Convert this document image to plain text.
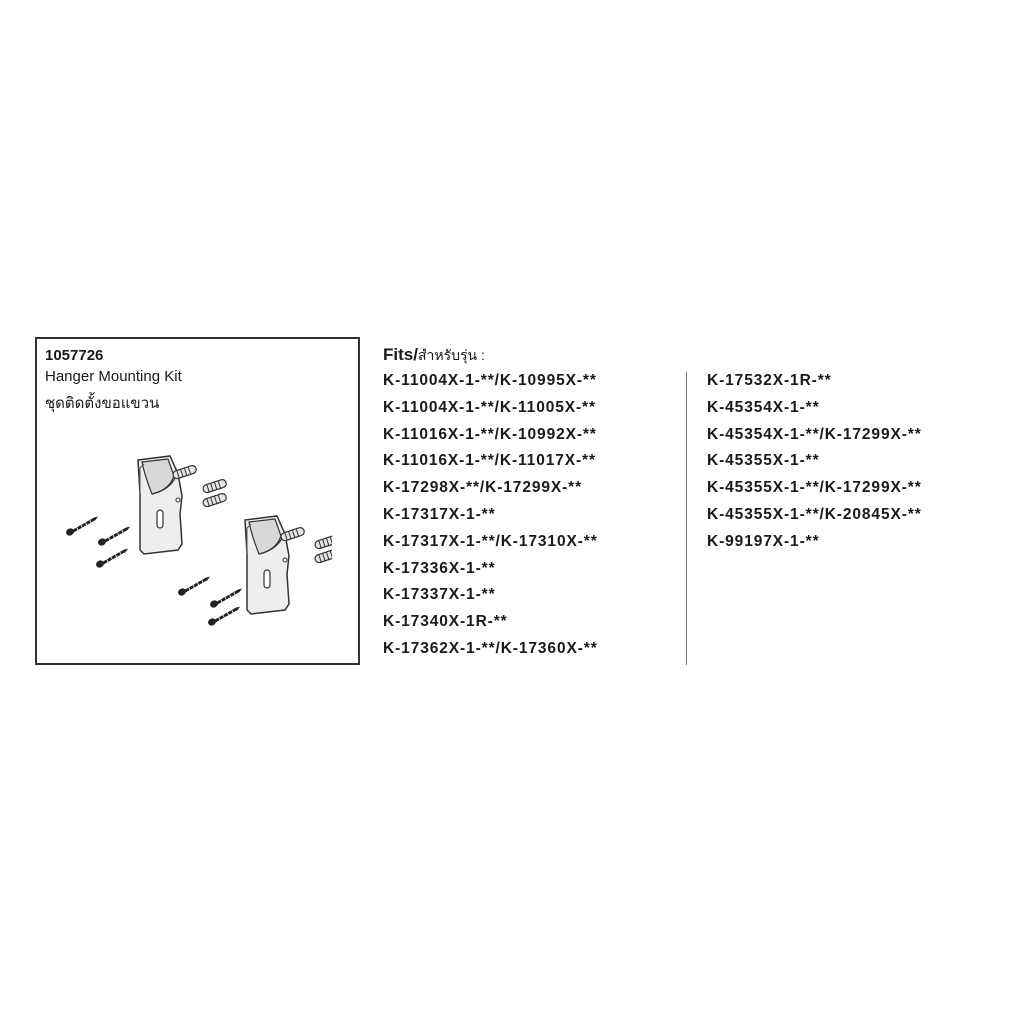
1057726
Hanger Mounting Kit
ชุดติดตั้งขอแขวน
Fits/สำหรับรุ่น :
K-11004X-1-**/K-10995X-**
K-11004X-1-**/K-11005X-**
K-11016X-1-**/K-10992X-**
K-11016X-1-**/K-11017X-**
K-17298X-**/K-17299X-**
K-17317X-1-**
K-17317X-1-**/K-17310X-**
K-17336X-1-**
K-17337X-1-**
K-17340X-1R-**
K-17362X-1-**/K-17360X-**
K-17532X-1R-**
K-45354X-1-**
K-45354X-1-**/K-17299X-**
K-45355X-1-**
K-45355X-1-**/K-17299X-**
K-45355X-1-**/K-20845X-**
K-99197X-1-**
